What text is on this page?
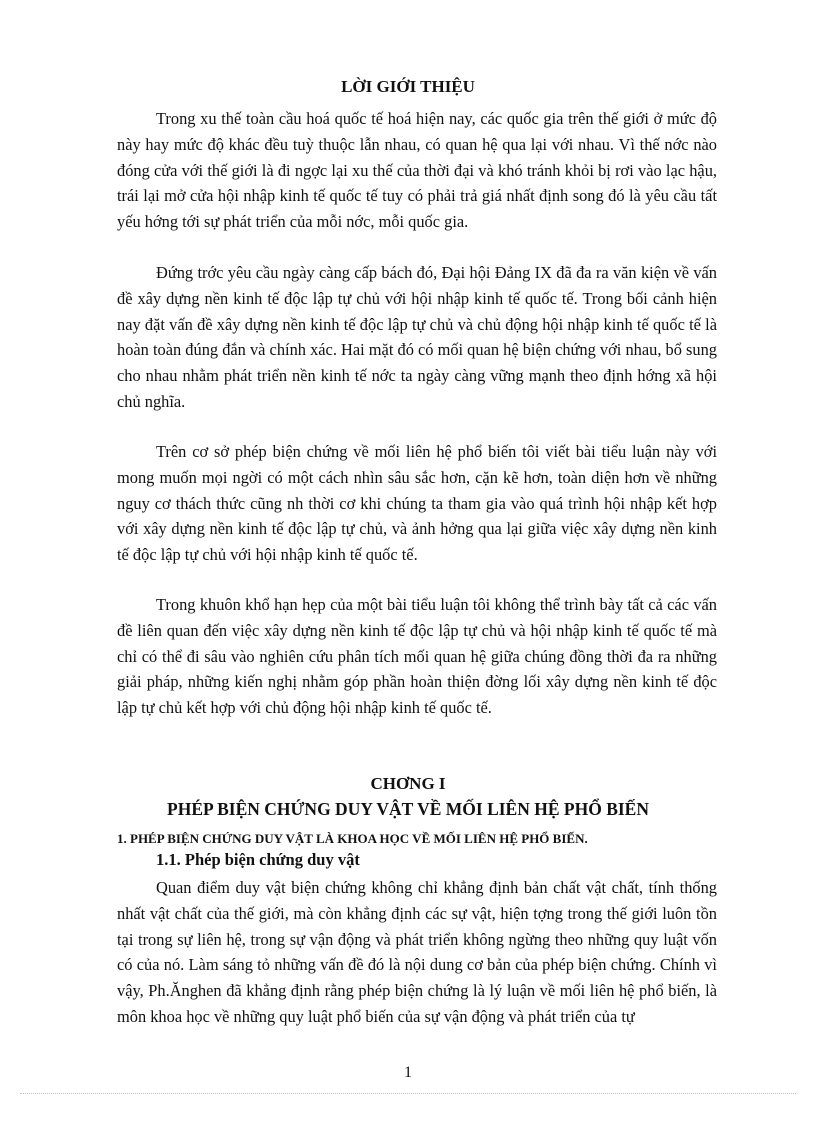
LỜI GIỚI THIỆU

Trong xu thế toàn cầu hoá quốc tế hoá hiện nay, các quốc gia trên thế giới ở mức độ này hay mức độ khác đều tuỳ thuộc lẫn nhau, có quan hệ qua lại với nhau. Vì thế nớc nào đóng cửa với thế giới là đi ngợc lại xu thế của thời đại và khó tránh khỏi bị rơi vào lạc hậu, trái lại mở cửa hội nhập kinh tế quốc tế tuy có phải trả giá nhất định song đó là yêu cầu tất yếu hớng tới sự phát triển của mỗi nớc, mỗi quốc gia.

Đứng trớc yêu cầu ngày càng cấp bách đó, Đại hội Đảng IX đã đa ra văn kiện về vấn đề xây dựng nền kinh tế độc lập tự chủ với hội nhập kinh tế quốc tế. Trong bối cảnh hiện nay đặt vấn đề xây dựng nền kinh tế độc lập tự chủ và chủ động hội nhập kinh tế quốc tế là hoàn toàn đúng đắn và chính xác. Hai mặt đó có mối quan hệ biện chứng với nhau, bổ sung cho nhau nhằm phát triển nền kinh tế nớc ta ngày càng vững mạnh theo định hớng xã hội chủ nghĩa.

Trên cơ sở phép biện chứng về mối liên hệ phổ biến tôi viết bài tiểu luận này với mong muốn mọi ngời có một cách nhìn sâu sắc hơn, cặn kẽ hơn, toàn diện hơn về những nguy cơ thách thức cũng nh thời cơ khi chúng ta tham gia vào quá trình hội nhập kết hợp với xây dựng nền kinh tế độc lập tự chủ, và ảnh hởng qua lại giữa việc xây dựng nền kinh tế độc lập tự chủ với hội nhập kinh tế quốc tế.

Trong khuôn khổ hạn hẹp của một bài tiểu luận tôi không thể trình bày tất cả các vấn đề liên quan đến việc xây dựng nền kinh tế độc lập tự chủ và hội nhập kinh tế quốc tế mà chỉ có thể đi sâu vào nghiên cứu phân tích mối quan hệ giữa chúng đồng thời đa ra những giải pháp, những kiến nghị nhằm góp phần hoàn thiện đờng lối xây dựng nền kinh tế độc lập tự chủ kết hợp với chủ động hội nhập kinh tế quốc tế.

CHƠNG I
PHÉP BIỆN CHỨNG DUY VẬT VỀ MỐI LIÊN HỆ PHỔ BIẾN
1. PHÉP BIỆN CHỨNG DUY VẬT LÀ KHOA HỌC VỀ MỐI LIÊN HỆ PHỔ BIẾN.
1.1. Phép biện chứng duy vật

Quan điểm duy vật biện chứng không chỉ khẳng định bản chất vật chất, tính thống nhất vật chất của thế giới, mà còn khẳng định các sự vật, hiện tợng trong thế giới luôn tồn tại trong sự liên hệ, trong sự vận động và phát triển không ngừng theo những quy luật vốn có của nó. Làm sáng tỏ những vấn đề đó là nội dung cơ bản của phép biện chứng. Chính vì vậy, Ph.Ănghen đã khẳng định rằng phép biện chứng là lý luận về mối liên hệ phổ biến, là môn khoa học về những quy luật phổ biến của sự vận động và phát triển của tự

1
